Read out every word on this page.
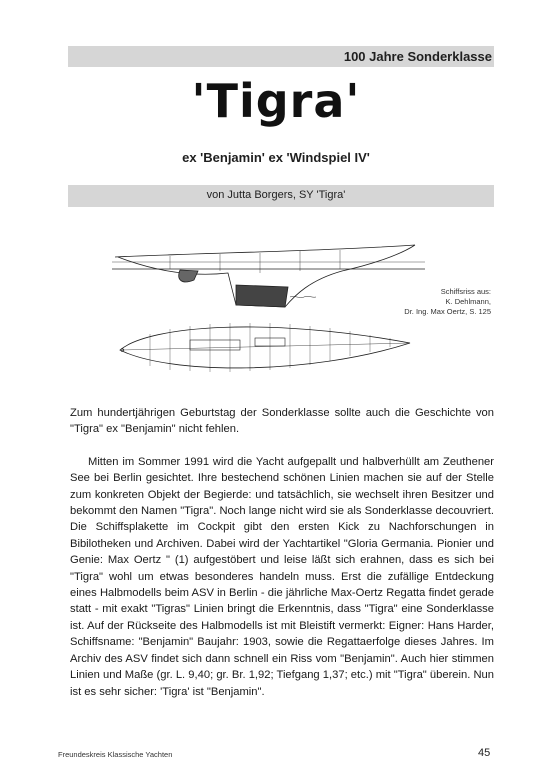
100 Jahre Sonderklasse
'Tigra'
ex 'Benjamin' ex 'Windspiel IV'
von Jutta Borgers, SY 'Tigra'
Schiffsriss aus:
K. Dehlmann,
Dr. Ing. Max Oertz, S. 125

Zum hundertjährigen Geburtstag der Sonderklasse sollte auch die Geschichte von "Tigra" ex "Benjamin" nicht fehlen.

Mitten im Sommer 1991 wird die Yacht aufgepallt und halbverhüllt am Zeuthener See bei Berlin gesichtet. Ihre bestechend schönen Linien machen sie auf der Stelle zum konkreten Objekt der Begierde: und tatsächlich, sie wechselt ihren Besitzer und bekommt den Namen "Tigra". Noch lange nicht wird sie als Sonderklasse decouvriert. Die Schiffsplakette im Cockpit gibt den ersten Kick zu Nachforschungen in Bibilotheken und Archiven. Dabei wird der Yachtartikel "Gloria Germania. Pionier und Genie: Max Oertz " (1) aufgestöbert und leise läßt sich erahnen, dass es sich bei "Tigra" wohl um etwas besonderes handeln muss. Erst die zufällige Entdeckung eines Halbmodells beim ASV in Berlin - die jährliche Max-Oertz Regatta findet gerade statt - mit exakt "Tigras" Linien bringt die Erkenntnis, dass "Tigra" eine Sonderklasse ist. Auf der Rückseite des Halbmodells ist mit Bleistift vermerkt: Eigner: Hans Harder, Schiffsname: "Benjamin" Baujahr: 1903, sowie die Regattaerfolge dieses Jahres. Im Archiv des ASV findet sich dann schnell ein Riss vom "Benjamin". Auch hier stimmen Linien und Maße (gr. L. 9,40; gr. Br. 1,92; Tiefgang 1,37; etc.) mit "Tigra" überein. Nun ist es sehr sicher: 'Tigra' ist "Benjamin".

Freundeskreis Klassische Yachten	45
